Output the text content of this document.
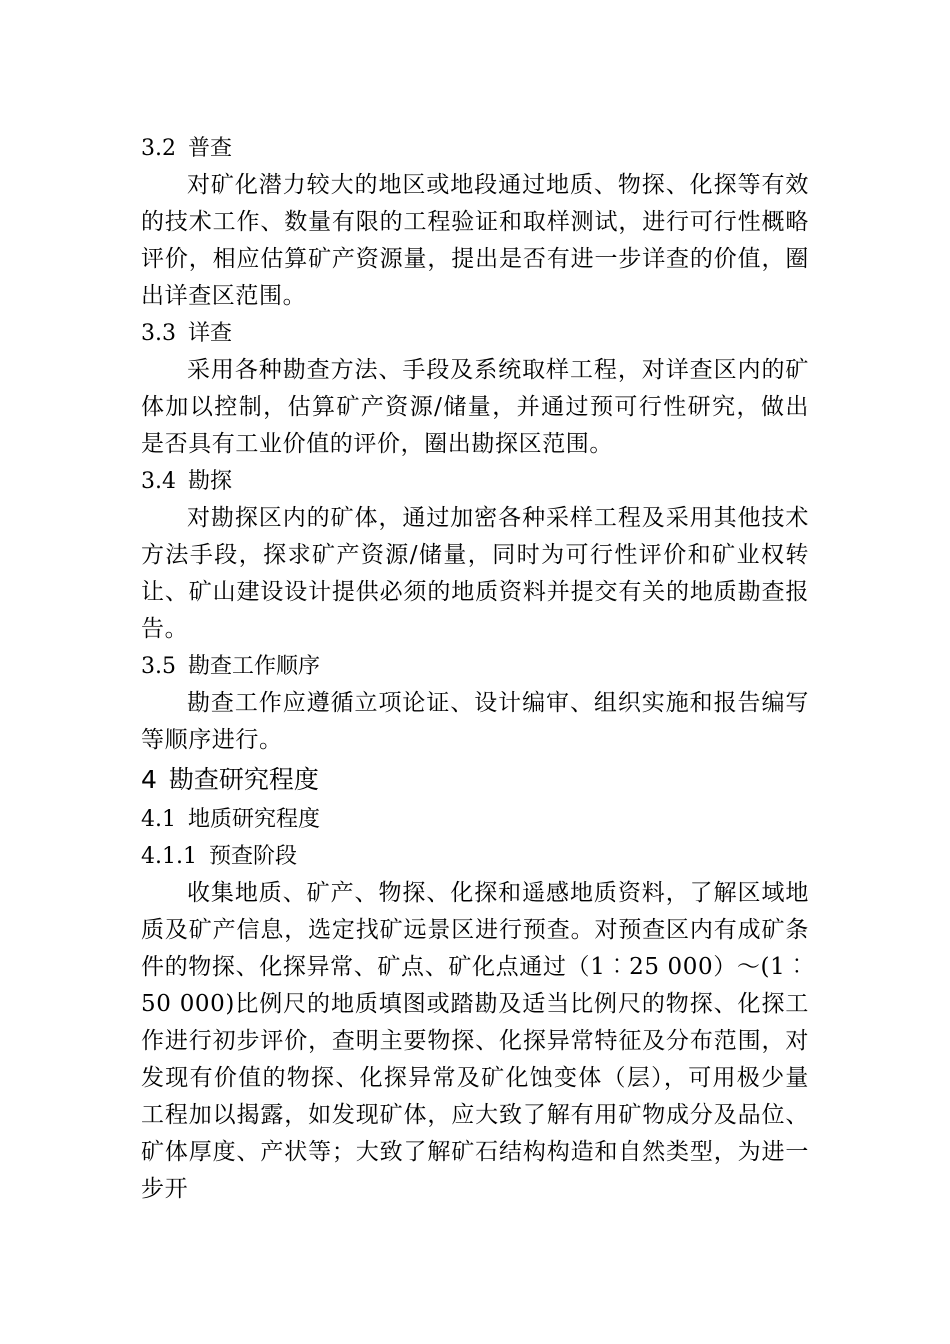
3.2 普查

对矿化潜力较大的地区或地段通过地质、物探、化探等有效的技术工作、数量有限的工程验证和取样测试，进行可行性概略评价，相应估算矿产资源量，提出是否有进一步详查的价值，圈出详查区范围。

3.3 详查

采用各种勘查方法、手段及系统取样工程，对详查区内的矿体加以控制，估算矿产资源/储量，并通过预可行性研究，做出是否具有工业价值的评价，圈出勘探区范围。

3.4 勘探

对勘探区内的矿体，通过加密各种采样工程及采用其他技术方法手段，探求矿产资源/储量，同时为可行性评价和矿业权转让、矿山建设设计提供必须的地质资料并提交有关的地质勘查报告。

3.5 勘查工作顺序

勘查工作应遵循立项论证、设计编审、组织实施和报告编写等顺序进行。

4 勘查研究程度

4.1 地质研究程度

4.1.1 预查阶段

收集地质、矿产、物探、化探和遥感地质资料，了解区域地质及矿产信息，选定找矿远景区进行预查。对预查区内有成矿条件的物探、化探异常、矿点、矿化点通过（1︰25 000）～(1︰50 000)比例尺的地质填图或踏勘及适当比例尺的物探、化探工作进行初步评价，查明主要物探、化探异常特征及分布范围，对发现有价值的物探、化探异常及矿化蚀变体（层），可用极少量工程加以揭露，如发现矿体，应大致了解有用矿物成分及品位、矿体厚度、产状等；大致了解矿石结构构造和自然类型，为进一步开
